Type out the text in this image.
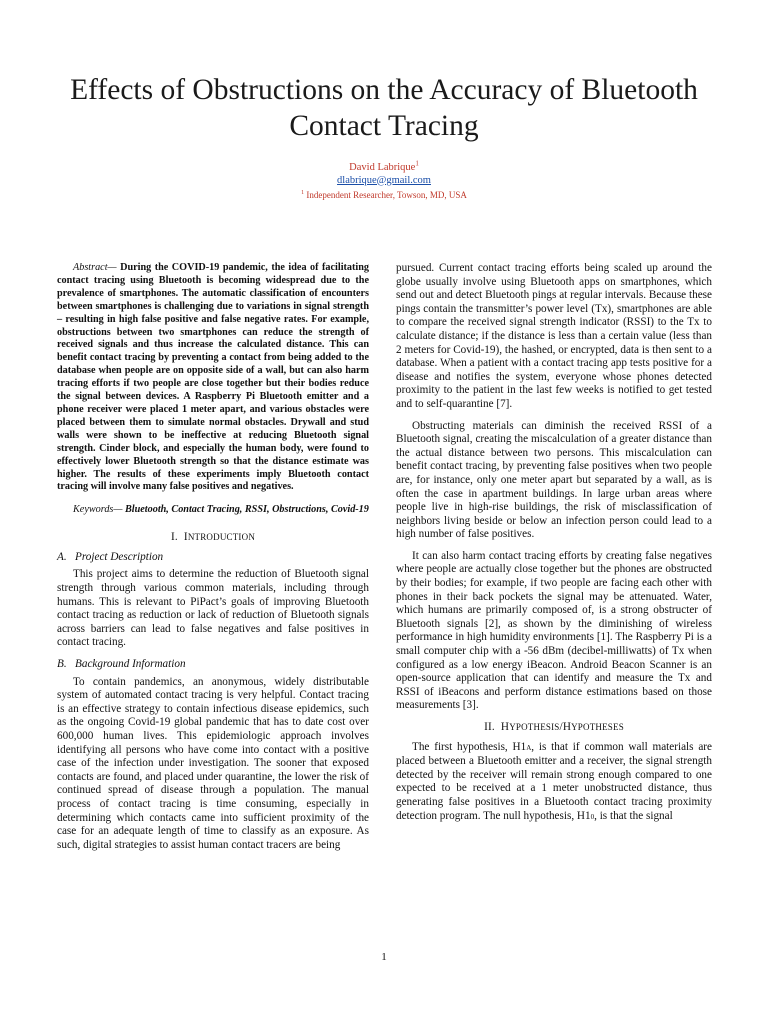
Effects of Obstructions on the Accuracy of Bluetooth Contact Tracing
David Labrique$^1$
dlabrique@gmail.com
$^1$ Independent Researcher, Towson, MD, USA

Abstract— During the COVID-19 pandemic, the idea of facilitating contact tracing using Bluetooth is becoming widespread due to the prevalence of smartphones. The automatic classification of encounters between smartphones is challenging due to variations in signal strength – resulting in high false positive and false negative rates. For example, obstructions between two smartphones can reduce the strength of received signals and thus increase the calculated distance. This can benefit contact tracing by preventing a contact from being added to the database when people are on opposite side of a wall, but can also harm tracing efforts if two people are close together but their bodies reduce the signal between devices. A Raspberry Pi Bluetooth emitter and a phone receiver were placed 1 meter apart, and various obstacles were placed between them to simulate normal obstacles. Drywall and stud walls were shown to be ineffective at reducing Bluetooth signal strength. Cinder block, and especially the human body, were found to effectively lower Bluetooth strength so that the distance estimate was higher. The results of these experiments imply Bluetooth contact tracing will involve many false positives and negatives.

Keywords— Bluetooth, Contact Tracing, RSSI, Obstructions, Covid-19

I. INTRODUCTION
A.   Project Description

This project aims to determine the reduction of Bluetooth signal strength through various common materials, including through humans. This is relevant to PiPact’s goals of improving Bluetooth contact tracing as reduction or lack of reduction of Bluetooth signals across barriers can lead to false negatives and false positives in contact tracing.

B.   Background Information

To contain pandemics, an anonymous, widely distributable system of automated contact tracing is very helpful. Contact tracing is an effective strategy to contain infectious disease epidemics, such as the ongoing Covid-19 global pandemic that has to date cost over 600,000 human lives. This epidemiologic approach involves identifying all persons who have come into contact with a positive case of the infection under investigation. The sooner that exposed contacts are found, and placed under quarantine, the lower the risk of continued spread of disease through a population. The manual process of contact tracing is time consuming, especially in determining which contacts came into sufficient proximity of the case for an adequate length of time to classify as an exposure. As such, digital strategies to assist human contact tracers are being

pursued. Current contact tracing efforts being scaled up around the globe usually involve using Bluetooth apps on smartphones, which send out and detect Bluetooth pings at regular intervals. Because these pings contain the transmitter’s power level (Tx), smartphones are able to compare the received signal strength indicator (RSSI) to the Tx to calculate distance; if the distance is less than a certain value (less than 2 meters for Covid-19), the hashed, or encrypted, data is then sent to a database. When a patient with a contact tracing app tests positive for a disease and notifies the system, everyone whose phones detected proximity to the patient in the last few weeks is notified to get tested and to self-quarantine [7].

Obstructing materials can diminish the received RSSI of a Bluetooth signal, creating the miscalculation of a greater distance than the actual distance between two persons. This miscalculation can benefit contact tracing, by preventing false positives when two people are, for instance, only one meter apart but separated by a wall, as is often the case in apartment buildings. In large urban areas where people live in high-rise buildings, the risk of misclassification of neighbors living beside or below an infection person could lead to a high number of false positives.

It can also harm contact tracing efforts by creating false negatives where people are actually close together but the phones are obstructed by their bodies; for example, if two people are facing each other with phones in their back pockets the signal may be attenuated. Water, which humans are primarily composed of, is a strong obstructer of Bluetooth signals [2], as shown by the diminishing of wireless performance in high humidity environments [1]. The Raspberry Pi is a small computer chip with a -56 dBm (decibel-milliwatts) of Tx when configured as a low energy iBeacon. Android Beacon Scanner is an open-source application that can identify and measure the Tx and RSSI of iBeacons and perform distance estimations based on those measurements [3].

II. HYPOTHESIS/HYPOTHESES

The first hypothesis, H1A, is that if common wall materials are placed between a Bluetooth emitter and a receiver, the signal strength detected by the receiver will remain strong enough compared to one expected to be received at a 1 meter unobstructed distance, thus generating false positives in a Bluetooth contact tracing proximity detection program. The null hypothesis, H10, is that the signal

1
